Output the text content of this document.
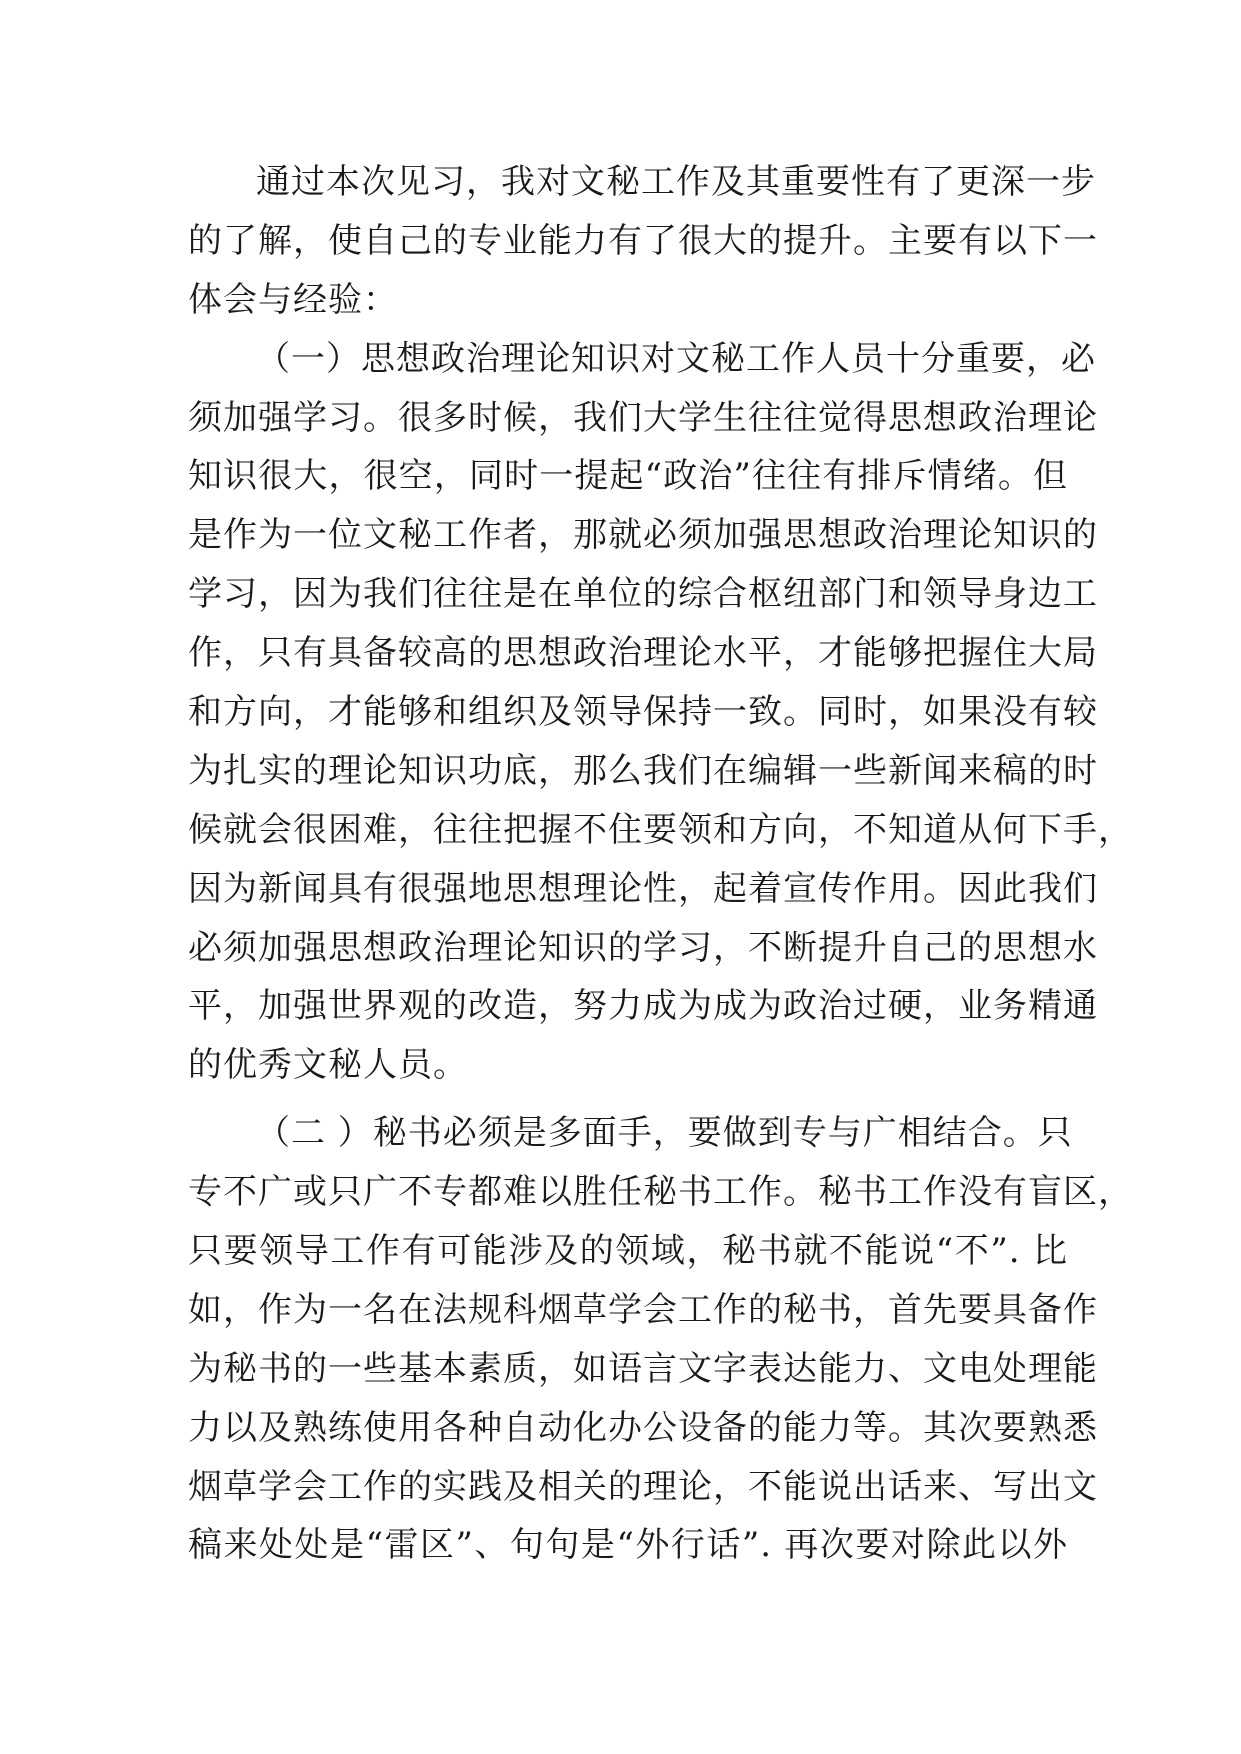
通过本次见习，我对文秘工作及其重要性有了更深一步
的了解，使自己的专业能力有了很大的提升。主要有以下一
体会与经验：
（一）思想政治理论知识对文秘工作人员十分重要，必
须加强学习。很多时候，我们大学生往往觉得思想政治理论
知识很大，很空，同时一提起“政治”往往有排斥情绪。但
是作为一位文秘工作者，那就必须加强思想政治理论知识的
学习，因为我们往往是在单位的综合枢纽部门和领导身边工
作，只有具备较高的思想政治理论水平，才能够把握住大局
和方向，才能够和组织及领导保持一致。同时，如果没有较
为扎实的理论知识功底，那么我们在编辑一些新闻来稿的时
候就会很困难，往往把握不住要领和方向，不知道从何下手，
因为新闻具有很强地思想理论性，起着宣传作用。因此我们
必须加强思想政治理论知识的学习，不断提升自己的思想水
平，加强世界观的改造，努力成为成为政治过硬，业务精通
的优秀文秘人员。
（二 ）秘书必须是多面手，要做到专与广相结合。只
专不广或只广不专都难以胜任秘书工作。秘书工作没有盲区，
只要领导工作有可能涉及的领域，秘书就不能说“不”. 比
如，作为一名在法规科烟草学会工作的秘书，首先要具备作
为秘书的一些基本素质，如语言文字表达能力、文电处理能
力以及熟练使用各种自动化办公设备的能力等。其次要熟悉
烟草学会工作的实践及相关的理论，不能说出话来、写出文
稿来处处是“雷区”、句句是“外行话”. 再次要对除此以外
